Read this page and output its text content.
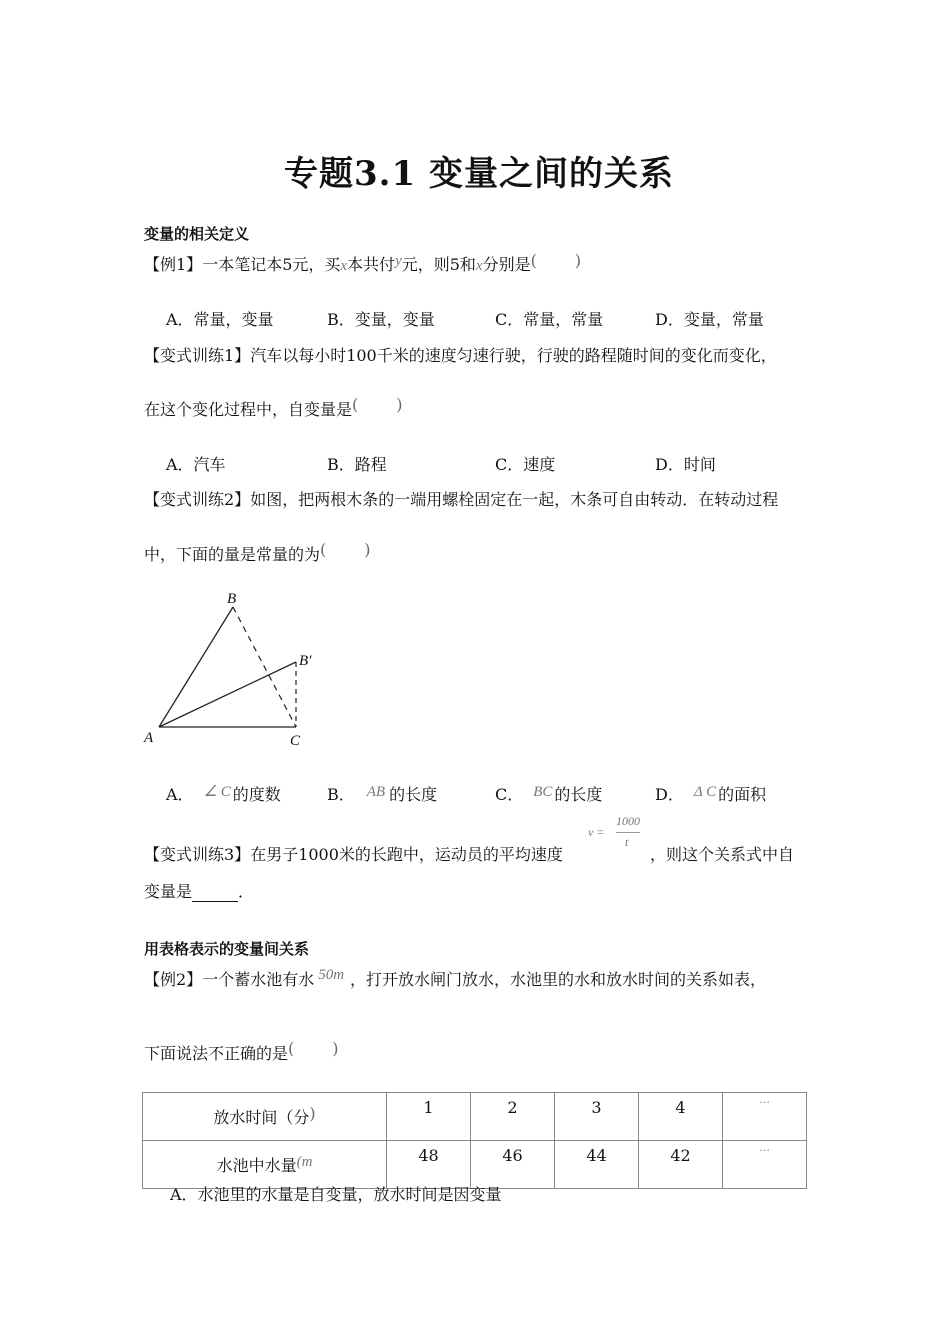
专题3.1 变量之间的关系
变量的相关定义
【例1】一本笔记本5元，买x本共付y元，则5和x分别是( )
A．常量，变量	B．变量，变量	C．常量，常量	D．变量，常量
【变式训练1】汽车以每小时100千米的速度匀速行驶，行驶的路程随时间的变化而变化，
在这个变化过程中，自变量是( )
A．汽车	B．路程	C．速度	D．时间
【变式训练2】如图，把两根木条的一端用螺栓固定在一起，木条可自由转动．在转动过程
中，下面的量是常量的为( )
B
B′
A	C
A． ∠ C 的度数	B． AB 的长度	C． BC 的长度	D． Δ C 的面积
【变式训练3】在男子1000米的长跑中，运动员的平均速度
v =
1000
t
，则这个关系式中自
变量是	．
用表格表示的变量间关系
【例2】一个蓄水池有水 50m ，打开放水闸门放水，水池里的水和放水时间的关系如表，
下面说法不正确的是( )
放水时间（分)	1	2	3	4	…
水池中水量(m	48	46	44	42	…
A．水池里的水量是自变量，放水时间是因变量
